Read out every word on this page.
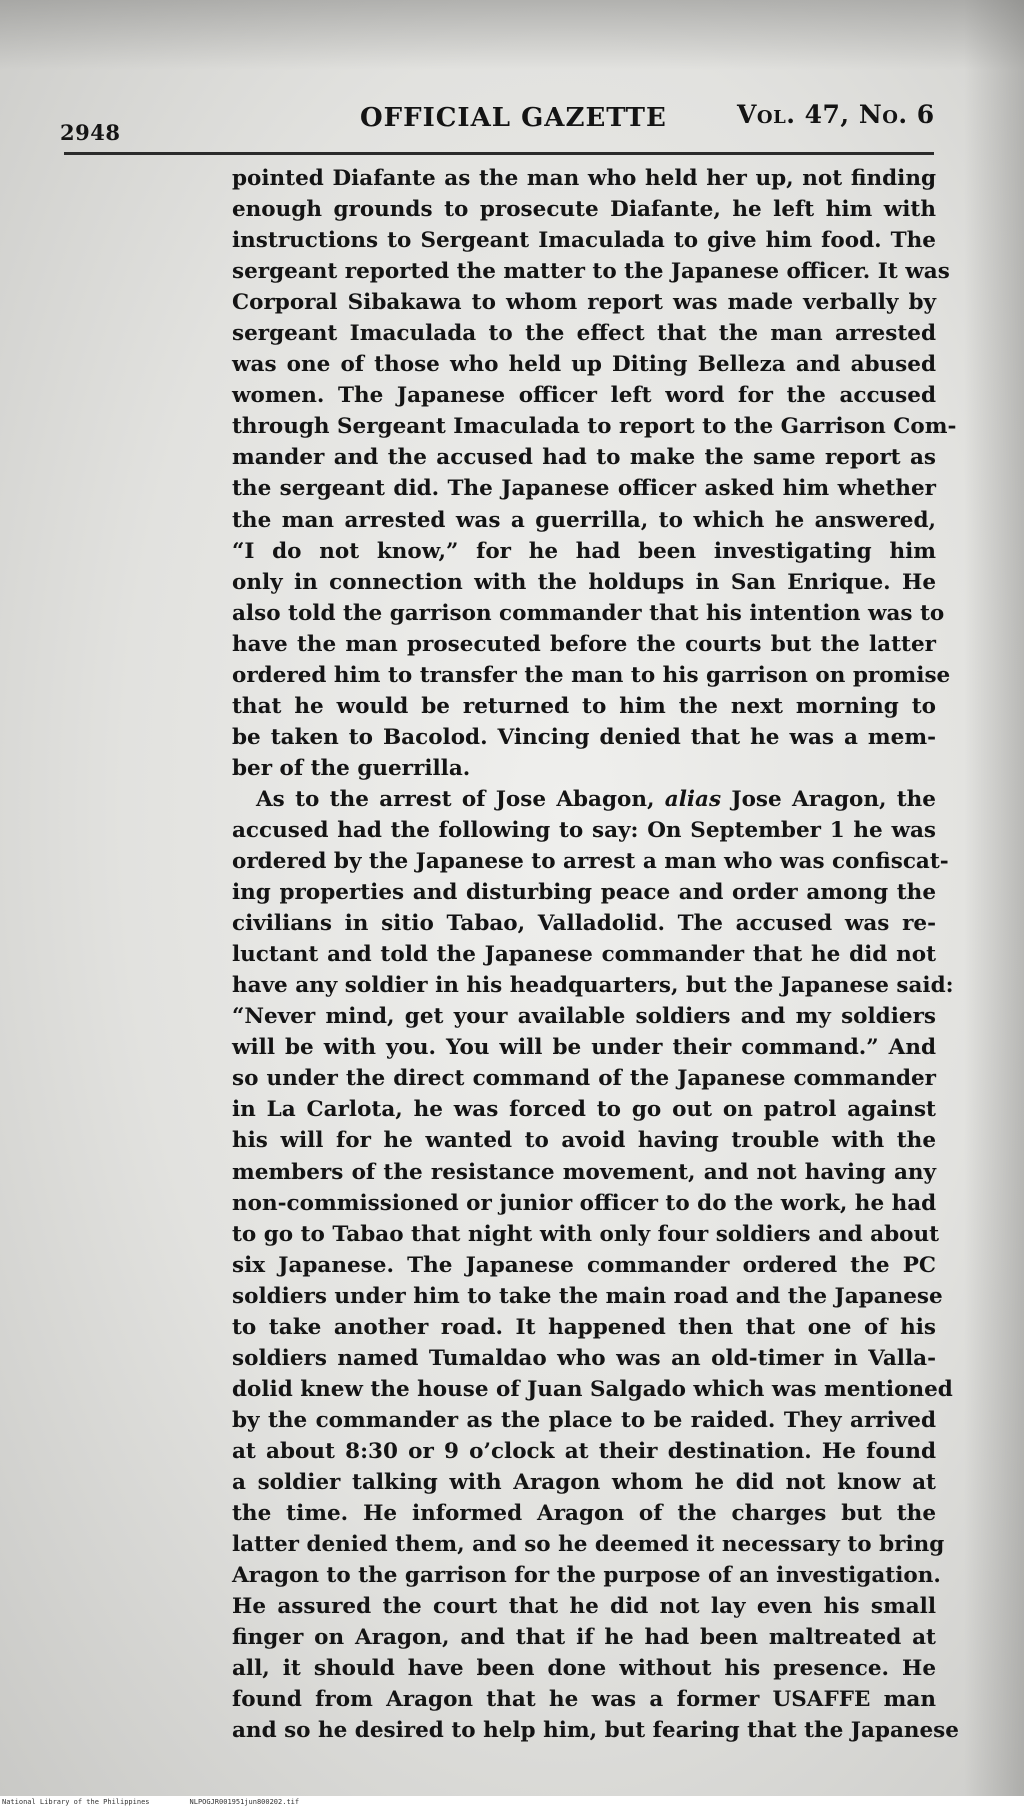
2948	OFFICIAL GAZETTE	Vol. 47, No. 6
pointed Diafante as the man who held her up, not finding
enough grounds to prosecute Diafante, he left him with
instructions to Sergeant Imaculada to give him food. The
sergeant reported the matter to the Japanese officer. It was
Corporal Sibakawa to whom report was made verbally by
sergeant Imaculada to the effect that the man arrested
was one of those who held up Diting Belleza and abused
women. The Japanese officer left word for the accused
through Sergeant Imaculada to report to the Garrison Com-
mander and the accused had to make the same report as
the sergeant did. The Japanese officer asked him whether
the man arrested was a guerrilla, to which he answered,
“I do not know,” for he had been investigating him
only in connection with the holdups in San Enrique. He
also told the garrison commander that his intention was to
have the man prosecuted before the courts but the latter
ordered him to transfer the man to his garrison on promise
that he would be returned to him the next morning to
be taken to Bacolod. Vincing denied that he was a mem-
ber of the guerrilla.
As to the arrest of Jose Abagon, alias Jose Aragon, the
accused had the following to say: On September 1 he was
ordered by the Japanese to arrest a man who was confiscat-
ing properties and disturbing peace and order among the
civilians in sitio Tabao, Valladolid. The accused was re-
luctant and told the Japanese commander that he did not
have any soldier in his headquarters, but the Japanese said:
“Never mind, get your available soldiers and my soldiers
will be with you. You will be under their command.” And
so under the direct command of the Japanese commander
in La Carlota, he was forced to go out on patrol against
his will for he wanted to avoid having trouble with the
members of the resistance movement, and not having any
non-commissioned or junior officer to do the work, he had
to go to Tabao that night with only four soldiers and about
six Japanese. The Japanese commander ordered the PC
soldiers under him to take the main road and the Japanese
to take another road. It happened then that one of his
soldiers named Tumaldao who was an old-timer in Valla-
dolid knew the house of Juan Salgado which was mentioned
by the commander as the place to be raided. They arrived
at about 8:30 or 9 o’clock at their destination. He found
a soldier talking with Aragon whom he did not know at
the time. He informed Aragon of the charges but the
latter denied them, and so he deemed it necessary to bring
Aragon to the garrison for the purpose of an investigation.
He assured the court that he did not lay even his small
finger on Aragon, and that if he had been maltreated at
all, it should have been done without his presence. He
found from Aragon that he was a former USAFFE man
and so he desired to help him, but fearing that the Japanese
National Library of the Philippines	NLPOGJR001951jun800202.tif
